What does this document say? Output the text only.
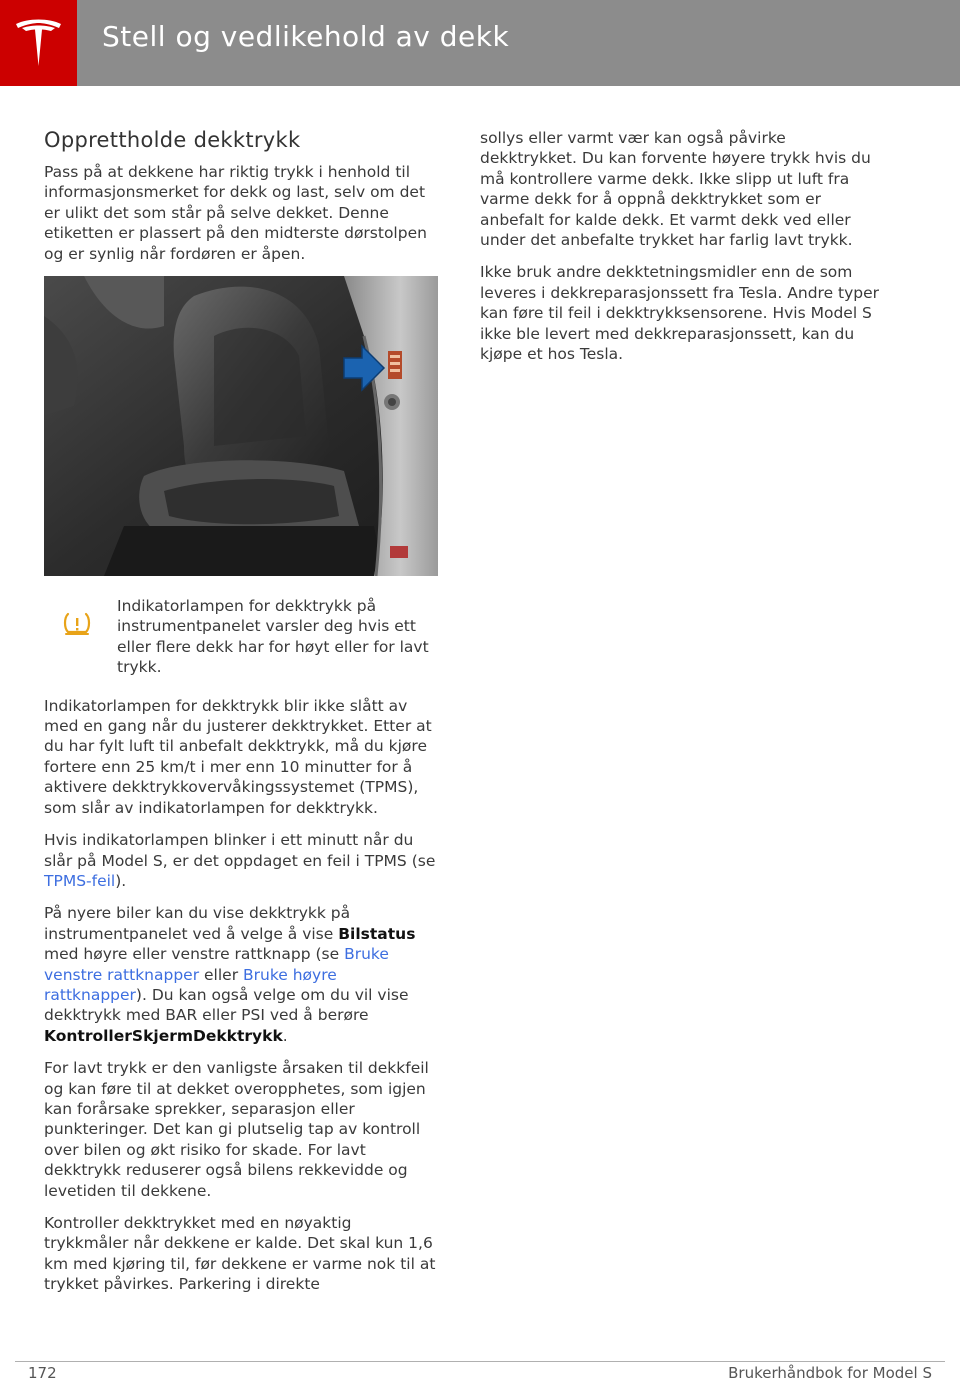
Stell og vedlikehold av dekk
Opprettholde dekktrykk

Pass på at dekkene har riktig trykk i henhold til informasjonsmerket for dekk og last, selv om det er ulikt det som står på selve dekket. Denne etiketten er plassert på den midterste dørstolpen og er synlig når fordøren er åpen.

Indikatorlampen for dekktrykk på instrumentpanelet varsler deg hvis ett eller flere dekk har for høyt eller for lavt trykk.

Indikatorlampen for dekktrykk blir ikke slått av med en gang når du justerer dekktrykket. Etter at du har fylt luft til anbefalt dekktrykk, må du kjøre fortere enn 25 km/t i mer enn 10 minutter for å aktivere dekktrykkovervåkingssystemet (TPMS), som slår av indikatorlampen for dekktrykk.

Hvis indikatorlampen blinker i ett minutt når du slår på Model S, er det oppdaget en feil i TPMS (se TPMS-feil).

På nyere biler kan du vise dekktrykk på instrumentpanelet ved å velge å vise Bilstatus med høyre eller venstre rattknapp (se Bruke venstre rattknapper eller Bruke høyre rattknapper). Du kan også velge om du vil vise dekktrykk med BAR eller PSI ved å berøre KontrollerSkjermDekktrykk.

For lavt trykk er den vanligste årsaken til dekkfeil og kan føre til at dekket overopphetes, som igjen kan forårsake sprekker, separasjon eller punkteringer. Det kan gi plutselig tap av kontroll over bilen og økt risiko for skade. For lavt dekktrykk reduserer også bilens rekkevidde og levetiden til dekkene.

Kontroller dekktrykket med en nøyaktig trykkmåler når dekkene er kalde. Det skal kun 1,6 km med kjøring til, før dekkene er varme nok til at trykket påvirkes. Parkering i direkte

sollys eller varmt vær kan også påvirke dekktrykket. Du kan forvente høyere trykk hvis du må kontrollere varme dekk. Ikke slipp ut luft fra varme dekk for å oppnå dekktrykket som er anbefalt for kalde dekk. Et varmt dekk ved eller under det anbefalte trykket har farlig lavt trykk.

Ikke bruk andre dekktetningsmidler enn de som leveres i dekkreparasjonssett fra Tesla. Andre typer kan føre til feil i dekktrykksensorene. Hvis Model S ikke ble levert med dekkreparasjonssett, kan du kjøpe et hos Tesla.

172	Brukerhåndbok for Model S
